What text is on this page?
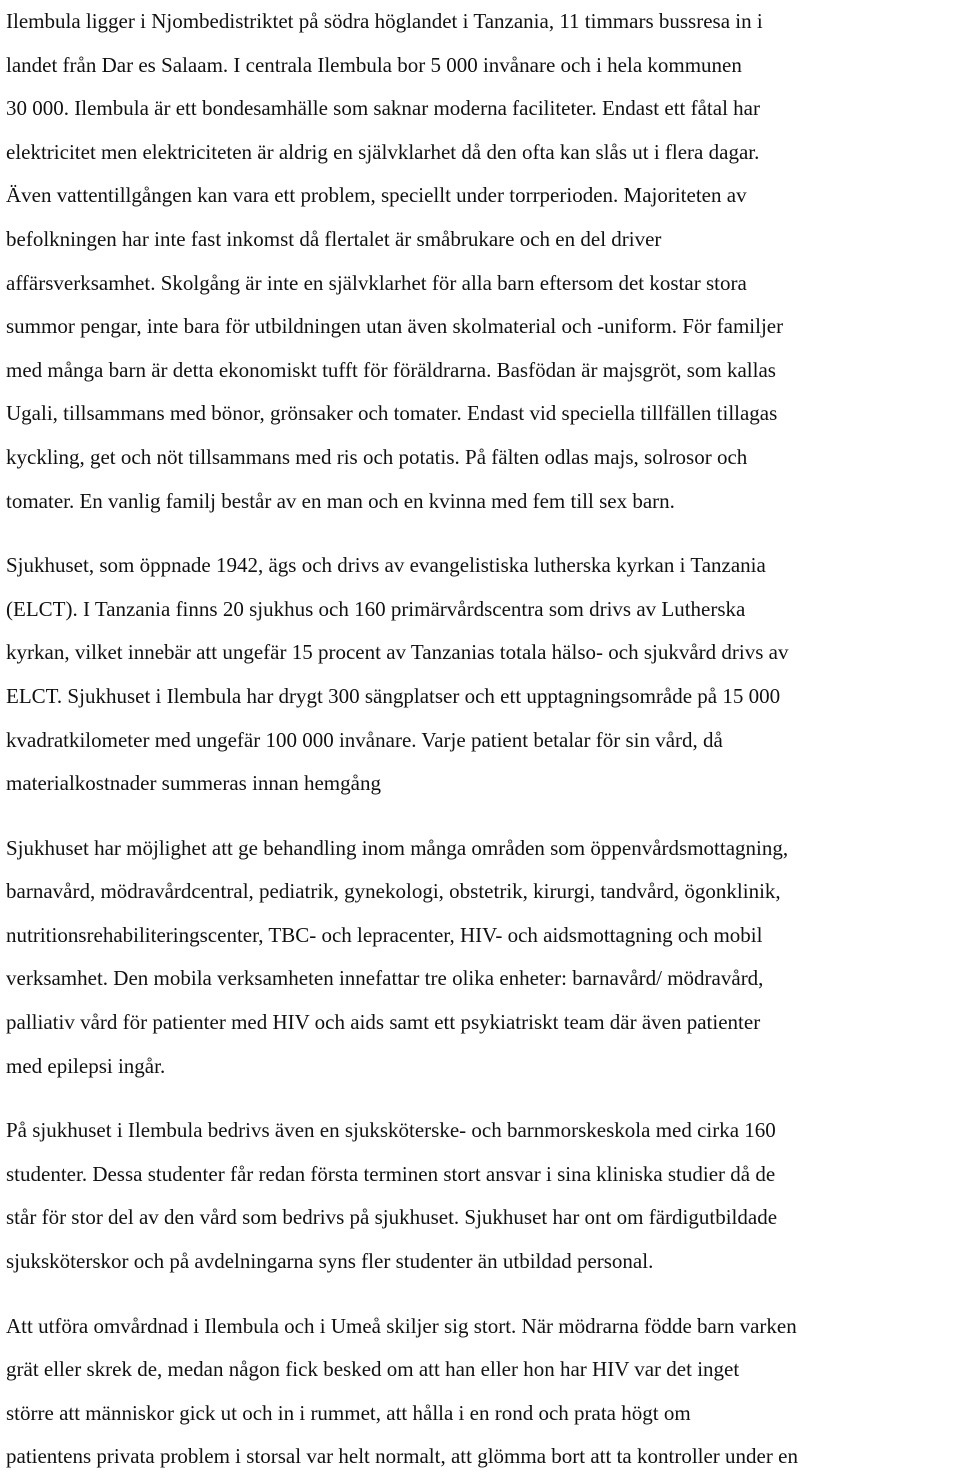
Ilembula ligger i Njombedistriktet på södra höglandet i Tanzania, 11 timmars bussresa in i
landet från Dar es Salaam. I centrala Ilembula bor 5 000 invånare och i hela kommunen
30 000. Ilembula är ett bondesamhälle som saknar moderna faciliteter. Endast ett fåtal har
elektricitet men elektriciteten är aldrig en självklarhet då den ofta kan slås ut i flera dagar.
Även vattentillgången kan vara ett problem, speciellt under torrperioden. Majoriteten av
befolkningen har inte fast inkomst då flertalet är småbrukare och en del driver
affärsverksamhet. Skolgång är inte en självklarhet för alla barn eftersom det kostar stora
summor pengar, inte bara för utbildningen utan även skolmaterial och -uniform. För familjer
med många barn är detta ekonomiskt tufft för föräldrarna. Basfödan är majsgröt, som kallas
Ugali, tillsammans med bönor, grönsaker och tomater. Endast vid speciella tillfällen tillagas
kyckling, get och nöt tillsammans med ris och potatis. På fälten odlas majs, solrosor och
tomater. En vanlig familj består av en man och en kvinna med fem till sex barn.
Sjukhuset, som öppnade 1942, ägs och drivs av evangelistiska lutherska kyrkan i Tanzania
(ELCT). I Tanzania finns 20 sjukhus och 160 primärvårdscentra som drivs av Lutherska
kyrkan, vilket innebär att ungefär 15 procent av Tanzanias totala hälso- och sjukvård drivs av
ELCT. Sjukhuset i Ilembula har drygt 300 sängplatser och ett upptagningsområde på 15 000
kvadratkilometer med ungefär 100 000 invånare. Varje patient betalar för sin vård, då
materialkostnader summeras innan hemgång
Sjukhuset har möjlighet att ge behandling inom många områden som öppenvårdsmottagning,
barnavård, mödravårdcentral, pediatrik, gynekologi, obstetrik, kirurgi, tandvård, ögonklinik,
nutritionsrehabiliteringscenter, TBC- och lepracenter, HIV- och aidsmottagning och mobil
verksamhet. Den mobila verksamheten innefattar tre olika enheter: barnavård/ mödravård,
palliativ vård för patienter med HIV och aids samt ett psykiatriskt team där även patienter
med epilepsi ingår.
På sjukhuset i Ilembula bedrivs även en sjuksköterske- och barnmorskeskola med cirka 160
studenter. Dessa studenter får redan första terminen stort ansvar i sina kliniska studier då de
står för stor del av den vård som bedrivs på sjukhuset. Sjukhuset har ont om färdigutbildade
sjuksköterskor och på avdelningarna syns fler studenter än utbildad personal.
Att utföra omvårdnad i Ilembula och i Umeå skiljer sig stort. När mödrarna födde barn varken
grät eller skrek de, medan någon fick besked om att han eller hon har HIV var det inget
större att människor gick ut och in i rummet, att hålla i en rond och prata högt om
patientens privata problem i storsal var helt normalt, att glömma bort att ta kontroller under en
